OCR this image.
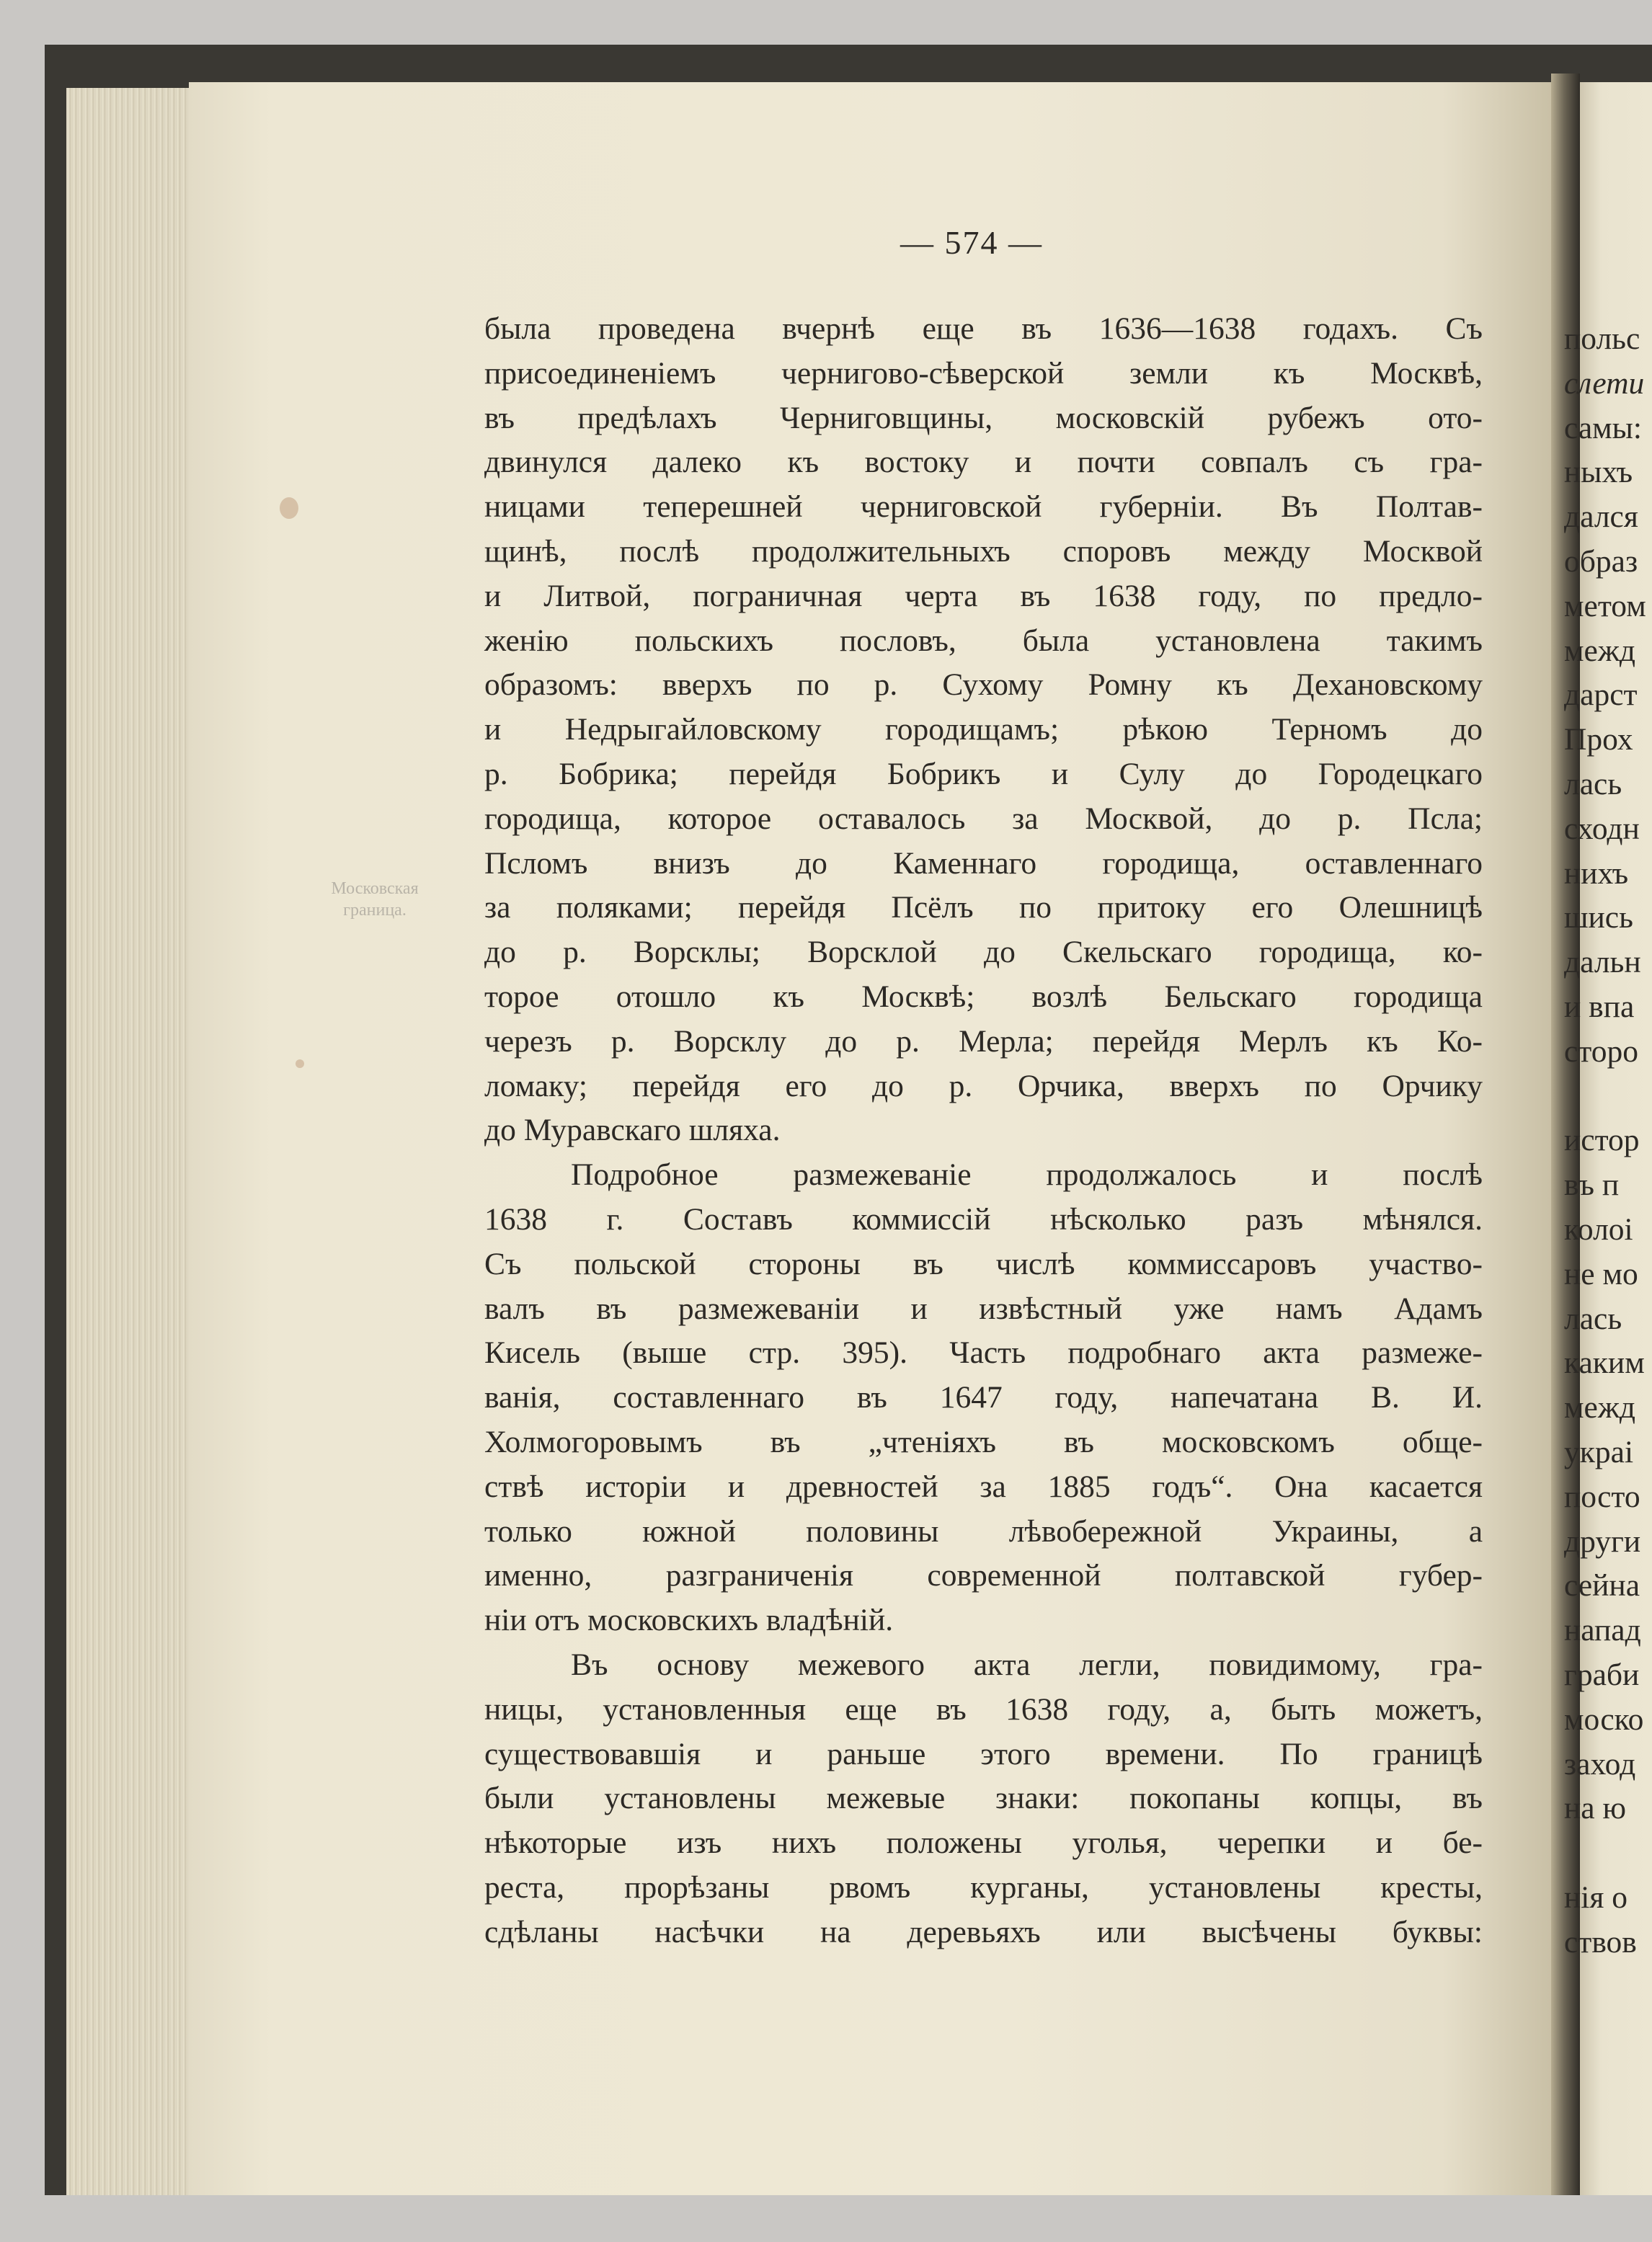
— 574 —
Московская
граница.
была проведена вчернѣ еще въ 1636—1638 годахъ. Съ
присоединеніемъ черниговo-сѣверской земли къ Москвѣ,
въ предѣлахъ Черниговщины, московскій рубежъ ото-
двинулся далеко къ востоку и почти совпалъ съ гра-
ницами теперешней черниговской губерніи. Въ Полтав-
щинѣ, послѣ продолжительныхъ споровъ между Москвой
и Литвой, пограничная черта въ 1638 году, по предло-
женію польскихъ пословъ, была установлена такимъ
образомъ: вверхъ по р. Сухому Ромну къ Дехановскому
и Недрыгайловскому городищамъ; рѣкою Терномъ до
р. Бобрика; перейдя Бобрикъ и Сулу до Городецкаго
городища, которое оставалось за Москвой, до р. Псла;
Псломъ внизъ до Каменнаго городища, оставленнаго
за поляками; перейдя Псёлъ по притоку его Олешницѣ
до р. Ворсклы; Ворсклой до Скельскаго городища, ко-
торое отошло къ Москвѣ; возлѣ Бельскаго городища
черезъ р. Ворсклу до р. Мерла; перейдя Мерлъ къ Ко-
ломаку; перейдя его до р. Орчика, вверхъ по Орчику
до Муравскаго шляха.
Подробное размежеваніе продолжалось и послѣ
1638 г. Составъ коммиссій нѣсколько разъ мѣнялся.
Съ польской стороны въ числѣ коммиссаровъ участво-
валъ въ размежеваніи и извѣстный уже намъ Адамъ
Кисель (выше стр. 395). Часть подробнаго акта размеже-
ванія, составленнаго въ 1647 году, напечатана В. И.
Холмогоровымъ въ „чтеніяхъ въ московскомъ обще-
ствѣ исторіи и древностей за 1885 годъ“. Она касается
только южной половины лѣвобережной Украины, а
именно, разграниченія современной полтавской губер-
ніи отъ московскихъ владѣній.
Въ основу межевого акта легли, повидимому, гра-
ницы, установленныя еще въ 1638 году, а, быть можетъ,
существовавшія и раньше этого времени. По границѣ
были установлены межевые знаки: покопаны копцы, въ
нѣкоторые изъ нихъ положены уголья, черепки и бе-
реста, прорѣзаны рвомъ курганы, установлены кресты,
сдѣланы насѣчки на деревьяхъ или высѣчены буквы:
польс
слети
самы:
ныхъ
дался
образ
метом
межд
дарст
Прох
лась
сходн
нихъ
шись
дальн
и впа
сторо
истор
въ п
колоі
не мо
лась
каким
межд
украі
посто
други
сейна
напад
граби
моско
заход
на ю
нія о
ствов
